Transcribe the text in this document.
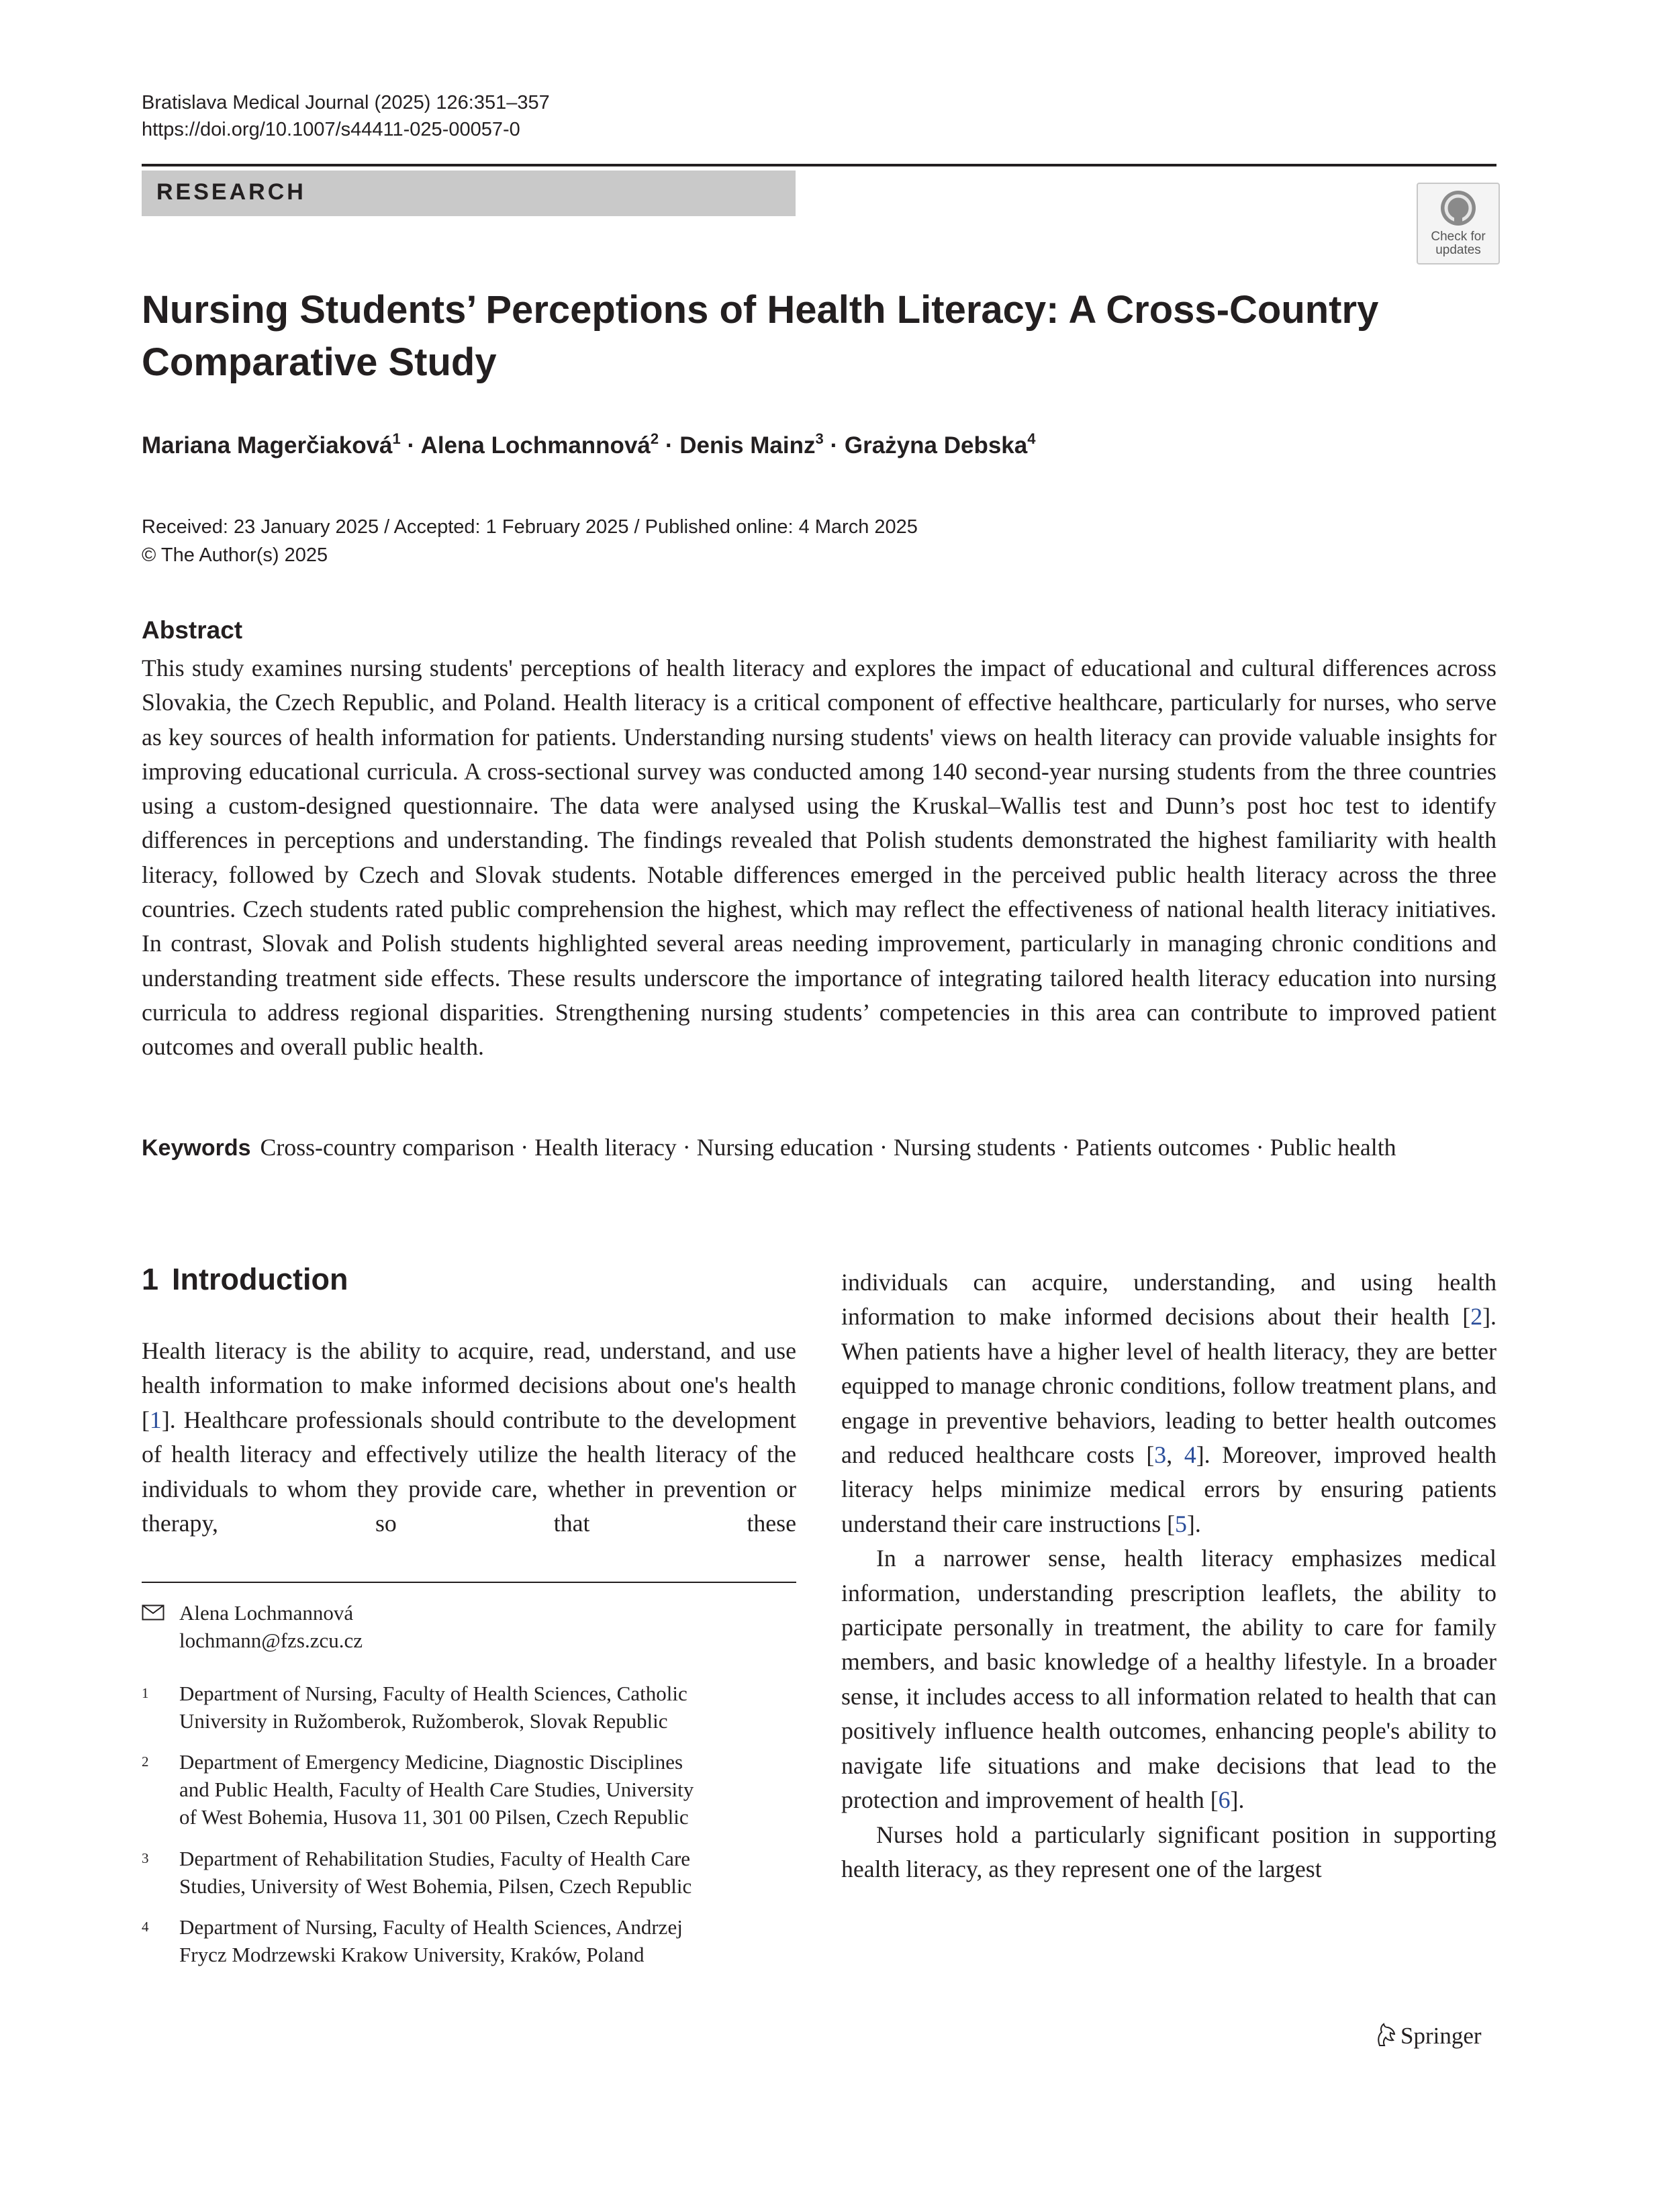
Bratislava Medical Journal (2025) 126:351–357
https://doi.org/10.1007/s44411-025-00057-0
RESEARCH
Check for
updates
Nursing Students’ Perceptions of Health Literacy: A Cross-Country
Comparative Study
Mariana Magerčiaková$^1$ · Alena Lochmannová$^2$ · Denis Mainz$^3$ · Grażyna Debska$^4$
Received: 23 January 2025 / Accepted: 1 February 2025 / Published online: 4 March 2025
© The Author(s) 2025
Abstract
This study examines nursing students' perceptions of health literacy and explores the impact of educational and cultural differences across Slovakia, the Czech Republic, and Poland. Health literacy is a critical component of effective healthcare, particularly for nurses, who serve as key sources of health information for patients. Understanding nursing students' views on health literacy can provide valuable insights for improving educational curricula. A cross-sectional survey was conducted among 140 second-year nursing students from the three countries using a custom-designed questionnaire. The data were analysed using the Kruskal–Wallis test and Dunn’s post hoc test to identify differences in perceptions and understanding. The findings revealed that Polish students demonstrated the highest familiarity with health literacy, followed by Czech and Slovak students. Notable differences emerged in the perceived public health literacy across the three countries. Czech students rated public comprehension the highest, which may reflect the effectiveness of national health literacy initiatives. In contrast, Slovak and Polish students highlighted several areas needing improvement, particularly in managing chronic conditions and understanding treatment side effects. These results underscore the importance of integrating tailored health literacy education into nursing curricula to address regional disparities. Strengthening nursing students’ competencies in this area can contribute to improved patient outcomes and overall public health.
Keywords Cross-country comparison · Health literacy · Nursing education · Nursing students · Patients outcomes · Public health
1 Introduction
Health literacy is the ability to acquire, read, understand, and use health information to make informed decisions about one's health [1]. Healthcare professionals should contribute to the development of health literacy and effectively utilize the health literacy of the individuals to whom they provide care, whether in prevention or therapy, so that these

individuals can acquire, understanding, and using health information to make informed decisions about their health [2]. When patients have a higher level of health literacy, they are better equipped to manage chronic conditions, follow treatment plans, and engage in preventive behaviors, leading to better health outcomes and reduced healthcare costs [3, 4]. Moreover, improved health literacy helps minimize medical errors by ensuring patients understand their care instructions [5].

In a narrower sense, health literacy emphasizes medical information, understanding prescription leaflets, the ability to participate personally in treatment, the ability to care for family members, and basic knowledge of a healthy lifestyle. In a broader sense, it includes access to all information related to health that can positively influence health outcomes, enhancing people's ability to navigate life situations and make decisions that lead to the protection and improvement of health [6].

Nurses hold a particularly significant position in supporting health literacy, as they represent one of the largest

Alena Lochmannová
lochmann@fzs.zcu.cz
1 Department of Nursing, Faculty of Health Sciences, Catholic
University in Ružomberok, Ružomberok, Slovak Republic
2 Department of Emergency Medicine, Diagnostic Disciplines
and Public Health, Faculty of Health Care Studies, University
of West Bohemia, Husova 11, 301 00 Pilsen, Czech Republic
3 Department of Rehabilitation Studies, Faculty of Health Care
Studies, University of West Bohemia, Pilsen, Czech Republic
4 Department of Nursing, Faculty of Health Sciences, Andrzej
Frycz Modrzewski Krakow University, Kraków, Poland
Springer
